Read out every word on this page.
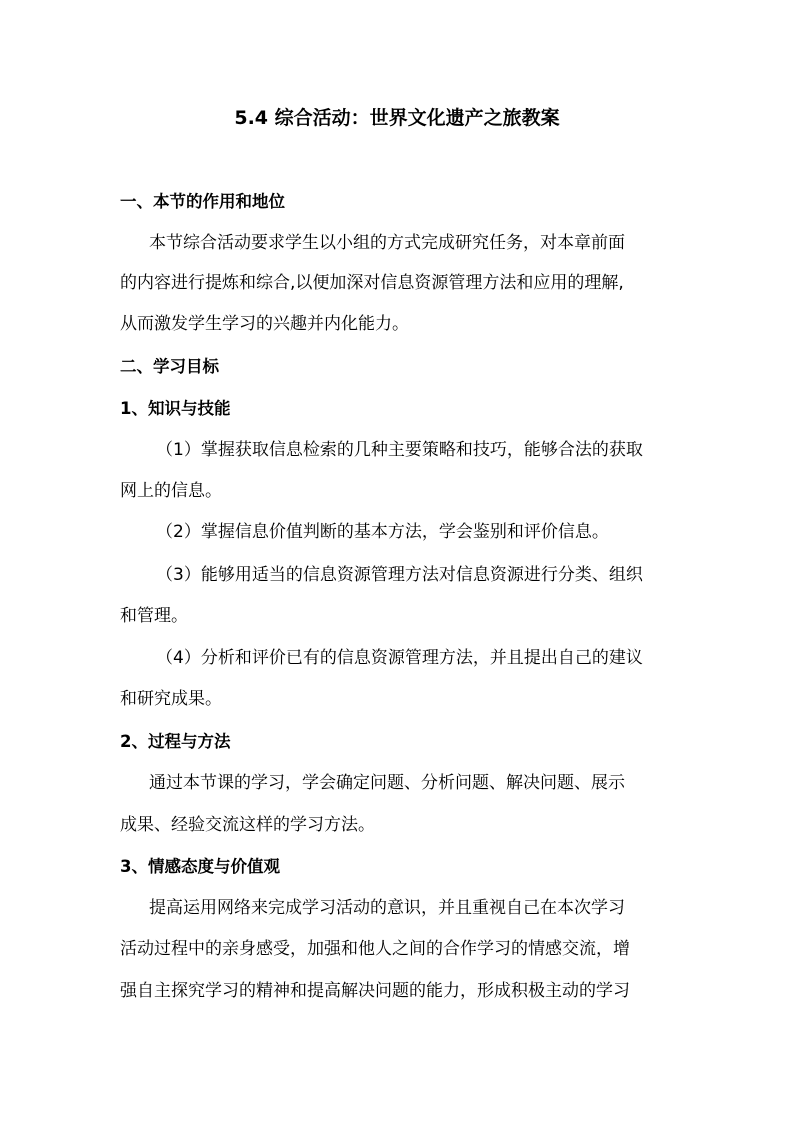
5.4 综合活动：世界文化遗产之旅教案
一、本节的作用和地位
本节综合活动要求学生以小组的方式完成研究任务，对本章前面
的内容进行提炼和综合,以便加深对信息资源管理方法和应用的理解,
从而激发学生学习的兴趣并内化能力。
二、学习目标
1、知识与技能
（1）掌握获取信息检索的几种主要策略和技巧，能够合法的获取
网上的信息。
（2）掌握信息价值判断的基本方法，学会鉴别和评价信息。
（3）能够用适当的信息资源管理方法对信息资源进行分类、组织
和管理。
（4）分析和评价已有的信息资源管理方法，并且提出自己的建议
和研究成果。
2、过程与方法
通过本节课的学习，学会确定问题、分析问题、解决问题、展示
成果、经验交流这样的学习方法。
3、情感态度与价值观
提高运用网络来完成学习活动的意识，并且重视自己在本次学习
活动过程中的亲身感受，加强和他人之间的合作学习的情感交流，增
强自主探究学习的精神和提高解决问题的能力，形成积极主动的学习
